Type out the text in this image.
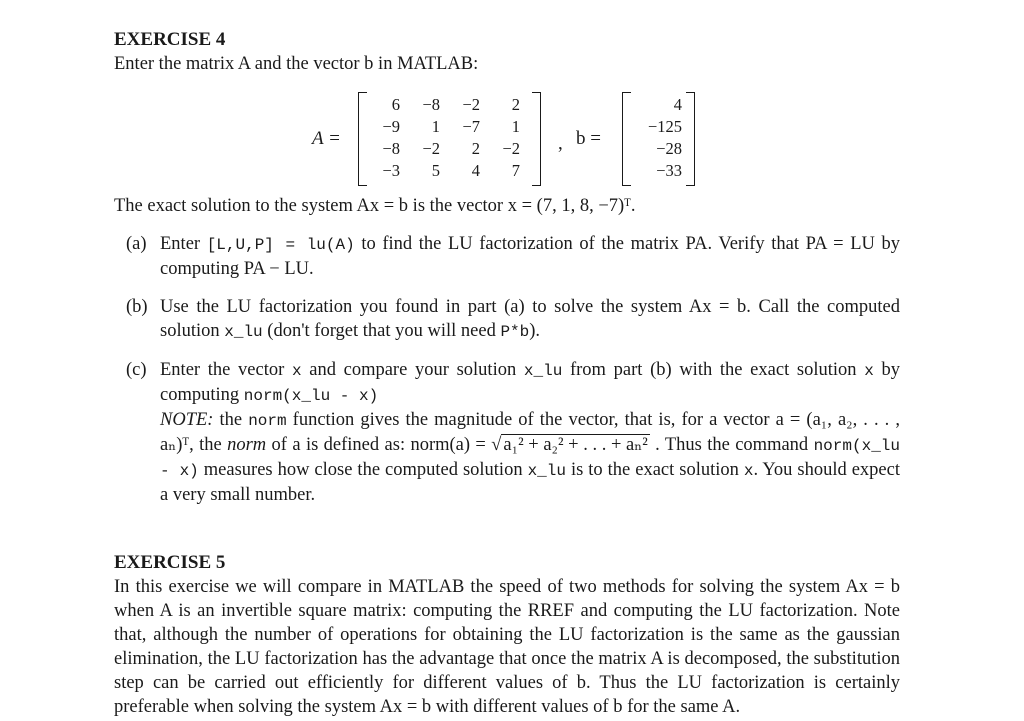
EXERCISE 4

Enter the matrix A and the vector b in MATLAB:

A =
6	−8	−2	2
−9	1	−7	1
−8	−2	2	−2
−3	5	4	7
, b =
4
−125
−28
−33

The exact solution to the system Ax = b is the vector x = (7, 1, 8, −7)ᵀ.

(a) Enter [L,U,P] = lu(A) to find the LU factorization of the matrix PA. Verify that PA = LU by computing PA − LU.
(b) Use the LU factorization you found in part (a) to solve the system Ax = b. Call the computed solution x_lu (don't forget that you will need P*b).
(c) Enter the vector x and compare your solution x_lu from part (b) with the exact solution x by computing norm(x_lu - x)
NOTE: the norm function gives the magnitude of the vector, that is, for a vector a = (a₁, a₂, . . . , aₙ)ᵀ, the norm of a is defined as: norm(a) = √ a₁² + a₂² + . . . + aₙ² . Thus the command norm(x_lu - x) measures how close the computed solution x_lu is to the exact solution x. You should expect a very small number.
EXERCISE 5

In this exercise we will compare in MATLAB the speed of two methods for solving the system Ax = b when A is an invertible square matrix: computing the RREF and computing the LU factorization. Note that, although the number of operations for obtaining the LU factorization is the same as the gaussian elimination, the LU factorization has the advantage that once the matrix A is decomposed, the substitution step can be carried out efficiently for different values of b. Thus the LU factorization is certainly preferable when solving the system Ax = b with different values of b for the same A.
